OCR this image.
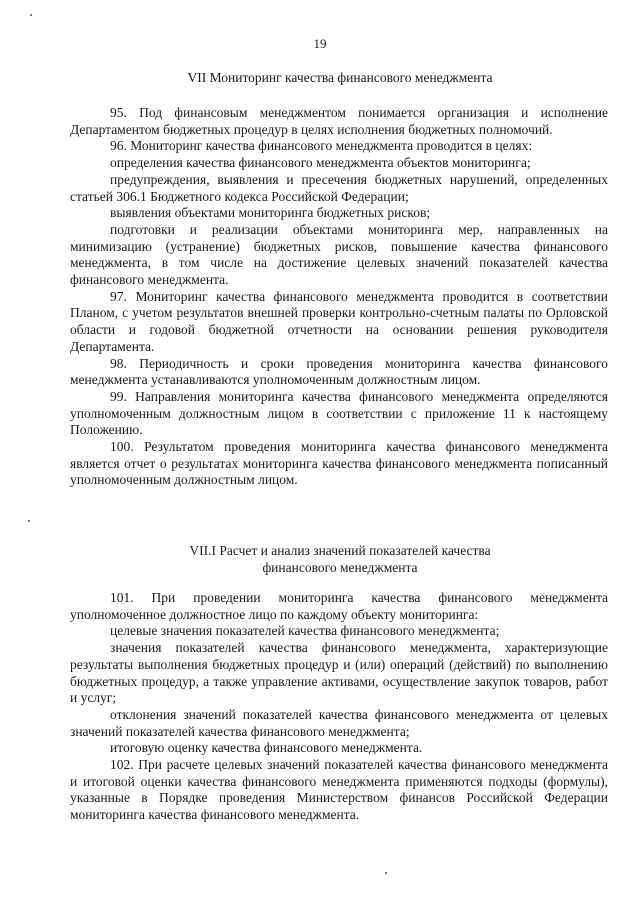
19
VII Мониторинг качества финансового менеджмента

95. Под финансовым менеджментом понимается организация и исполнение Департаментом бюджетных процедур в целях исполнения бюджетных полномочий.

96. Мониторинг качества финансового менеджмента проводится в целях:

определения качества финансового менеджмента объектов мониторинга;

предупреждения, выявления и пресечения бюджетных нарушений, определенных статьей 306.1 Бюджетного кодекса Российской Федерации;

выявления объектами мониторинга бюджетных рисков;

подготовки и реализации объектами мониторинга мер, направленных на минимизацию (устранение) бюджетных рисков, повышение качества финансового менеджмента, в том числе на достижение целевых значений показателей качества финансового менеджмента.

97. Мониторинг качества финансового менеджмента проводится в соответствии Планом, с учетом результатов внешней проверки контрольно-счетным палаты по Орловской области и годовой бюджетной отчетности на основании решения руководителя Департамента.

98. Периодичность и сроки проведения мониторинга качества финансового менеджмента устанавливаются уполномоченным должностным лицом.

99. Направления мониторинга качества финансового менеджмента определяются уполномоченным должностным лицом в соответствии с приложение 11 к настоящему Положению.

100. Результатом проведения мониторинга качества финансового менеджмента является отчет о результатах мониторинга качества финансового менеджмента пописанный уполномоченным должностным лицом.

VII.I Расчет и анализ значений показателей качества
финансового менеджмента

101. При проведении мониторинга качества финансового менеджмента уполномоченное должностное лицо по каждому объекту мониторинга:

целевые значения показателей качества финансового менеджмента;

значения показателей качества финансового менеджмента, характеризующие результаты выполнения бюджетных процедур и (или) операций (действий) по выполнению бюджетных процедур, а также управление активами, осуществление закупок товаров, работ и услуг;

отклонения значений показателей качества финансового менеджмента от целевых значений показателей качества финансового менеджмента;

итоговую оценку качества финансового менеджмента.

102. При расчете целевых значений показателей качества финансового менеджмента и итоговой оценки качества финансового менеджмента применяются подходы (формулы), указанные в Порядке проведения Министерством финансов Российской Федерации мониторинга качества финансового менеджмента.
